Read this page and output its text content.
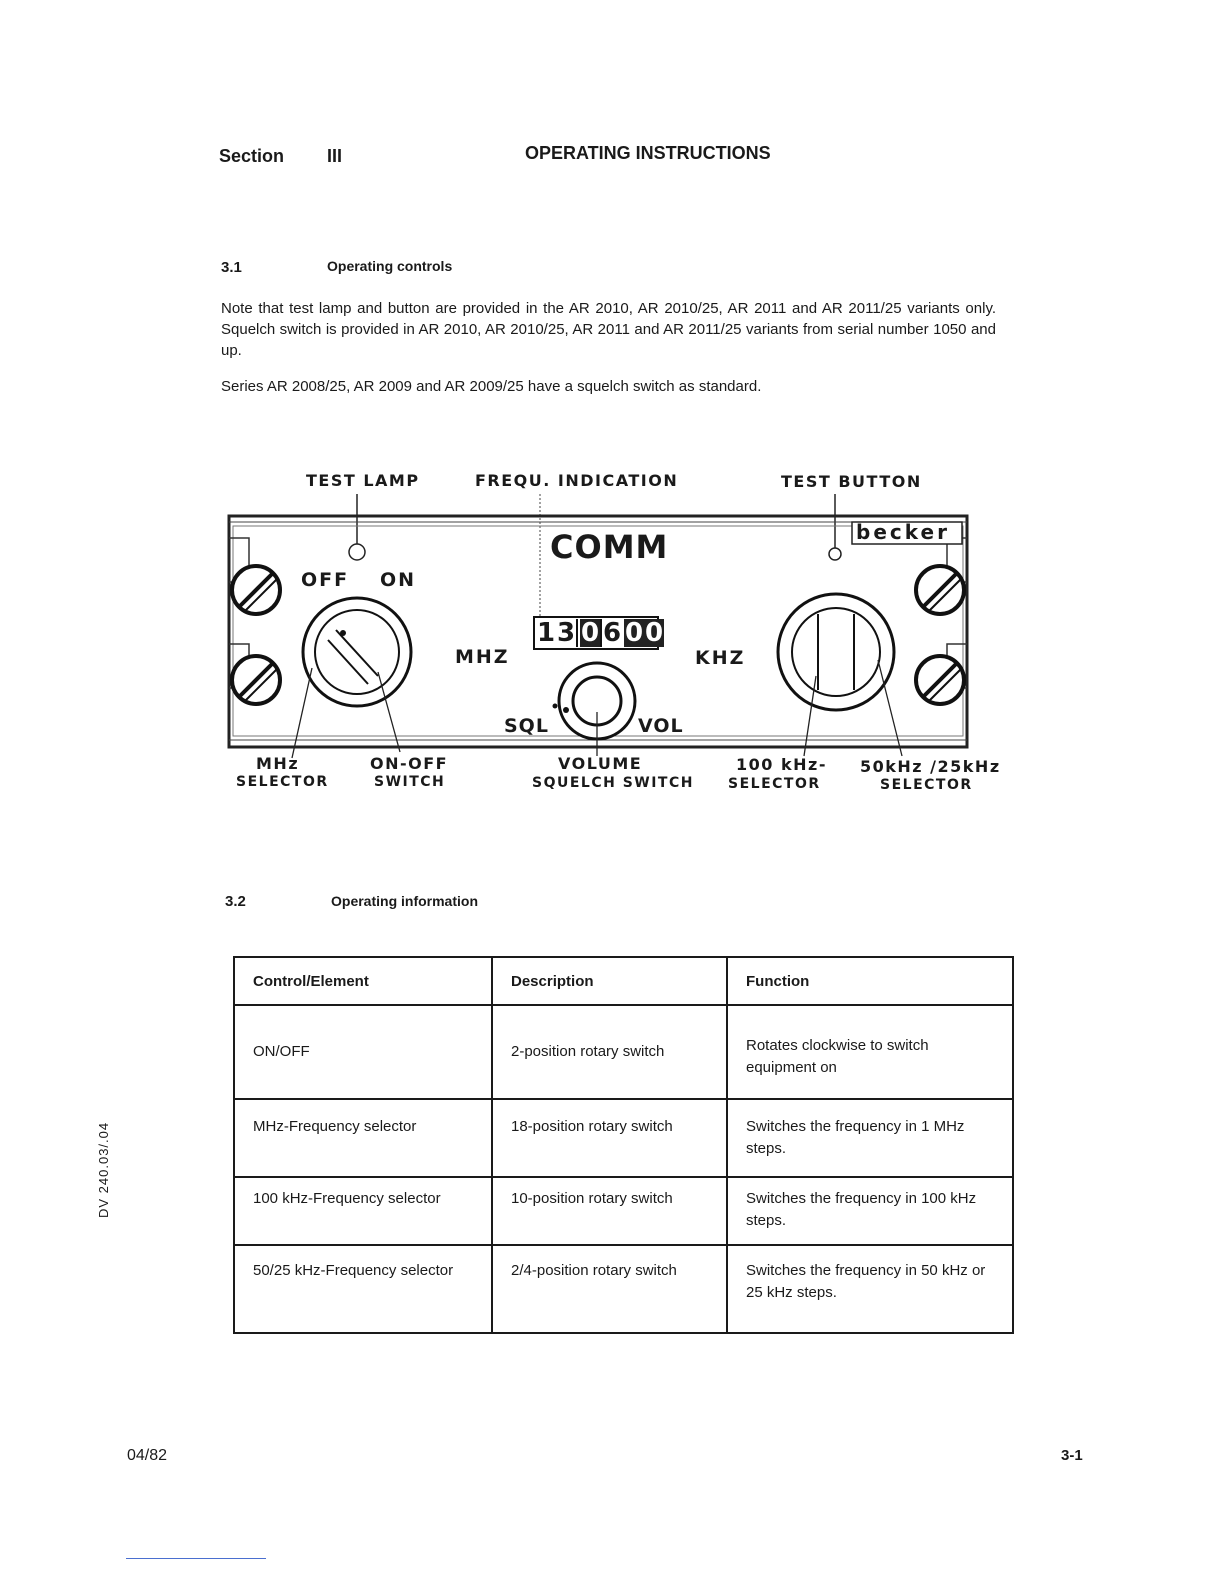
Section III	OPERATING INSTRUCTIONS
3.1	Operating controls
Note that test lamp and button are provided in the AR 2010, AR 2010/25, AR 2011 and AR 2011/25 variants only. Squelch switch is provided in AR 2010, AR 2010/25, AR 2011 and AR 2011/25 variants from serial number 1050 and up.
Series AR 2008/25, AR 2009 and AR 2009/25 have a squelch switch as standard.
TEST LAMP	FREQU. INDICATION	TEST BUTTON
becker
COMM
OFF ON
MHZ	KHZ
SQL	VOL
1 3 0 6 0 0
MHz
SELECTOR
ON-OFF
SWITCH
VOLUME
SQUELCH SWITCH
100 kHz-
SELECTOR
50kHz /25kHz
SELECTOR
3.2	Operating information
Control/Element	Description	Function
ON/OFF	2-position rotary switch	Rotates clockwise to switch equipment on
MHz-Frequency selector	18-position rotary switch	Switches the frequency in 1 MHz steps.
100 kHz-Frequency selector	10-position rotary switch	Switches the frequency in 100 kHz steps.
50/25 kHz-Frequency selector	2/4-position rotary switch	Switches the frequency in 50 kHz or 25 kHz steps.
DV 240.03/.04
04/82	3-1
